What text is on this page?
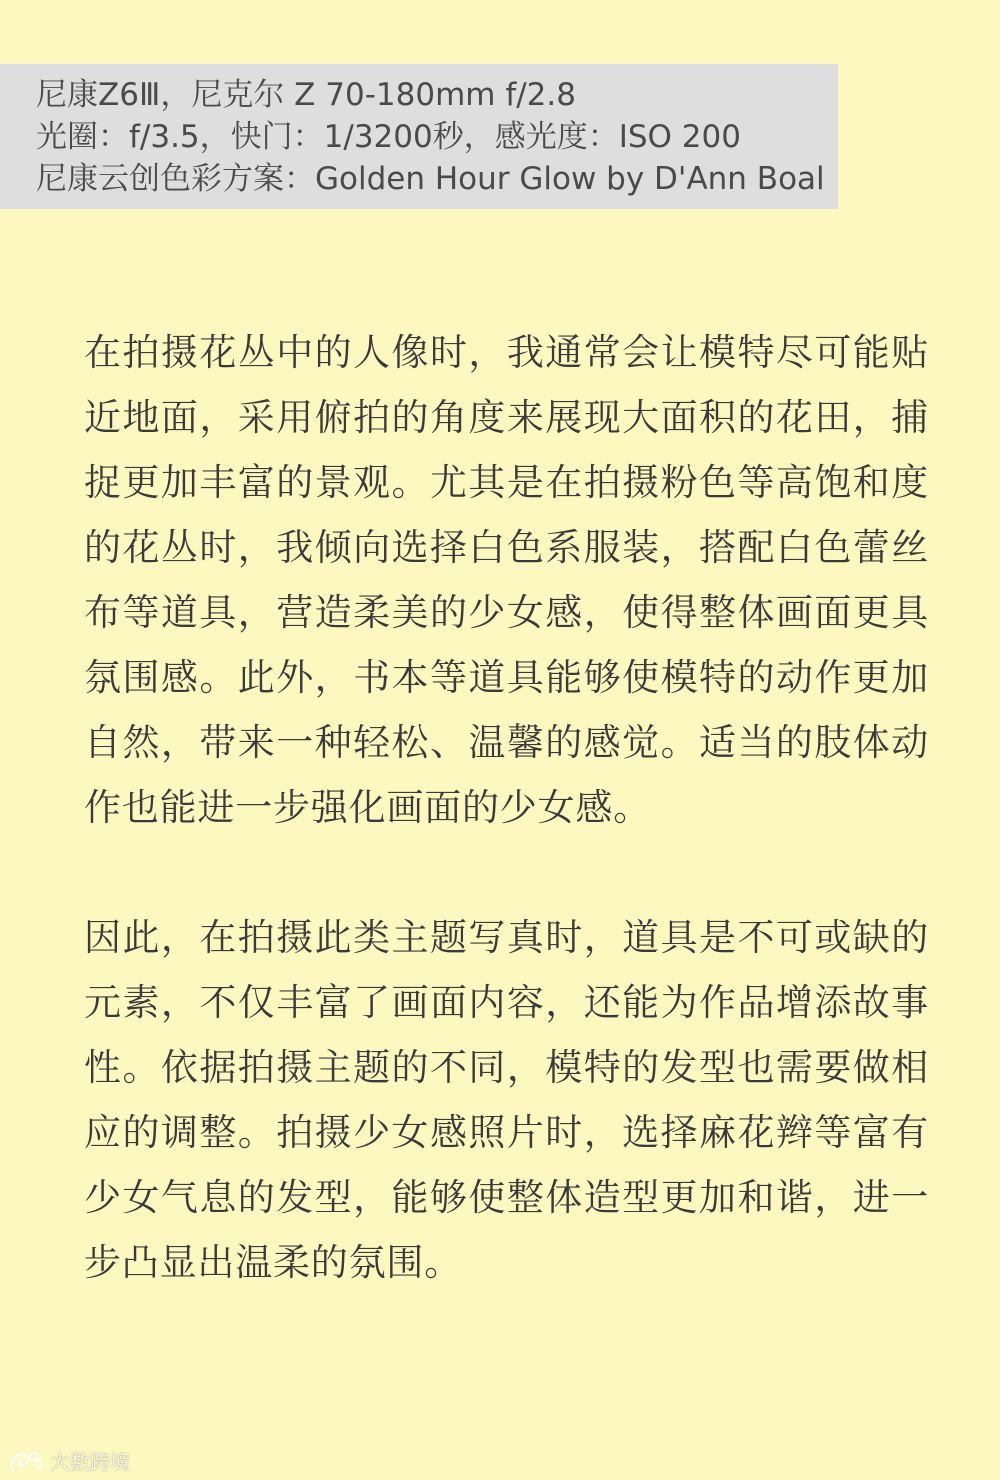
尼康Z6Ⅲ，尼克尔 Z 70-180mm f/2.8
光圈：f/3.5，快门：1/3200秒，感光度：ISO 200
尼康云创色彩方案：Golden Hour Glow by D'Ann Boal

在拍摄花丛中的人像时，我通常会让模特尽可能贴近地面，采用俯拍的角度来展现大面积的花田，捕捉更加丰富的景观。尤其是在拍摄粉色等高饱和度的花丛时，我倾向选择白色系服装，搭配白色蕾丝布等道具，营造柔美的少女感，使得整体画面更具氛围感。此外，书本等道具能够使模特的动作更加自然，带来一种轻松、温馨的感觉。适当的肢体动作也能进一步强化画面的少女感。

因此，在拍摄此类主题写真时，道具是不可或缺的元素，不仅丰富了画面内容，还能为作品增添故事性。依据拍摄主题的不同，模特的发型也需要做相应的调整。拍摄少女感照片时，选择麻花辫等富有少女气息的发型，能够使整体造型更加和谐，进一步凸显出温柔的氛围。

大数跨境
